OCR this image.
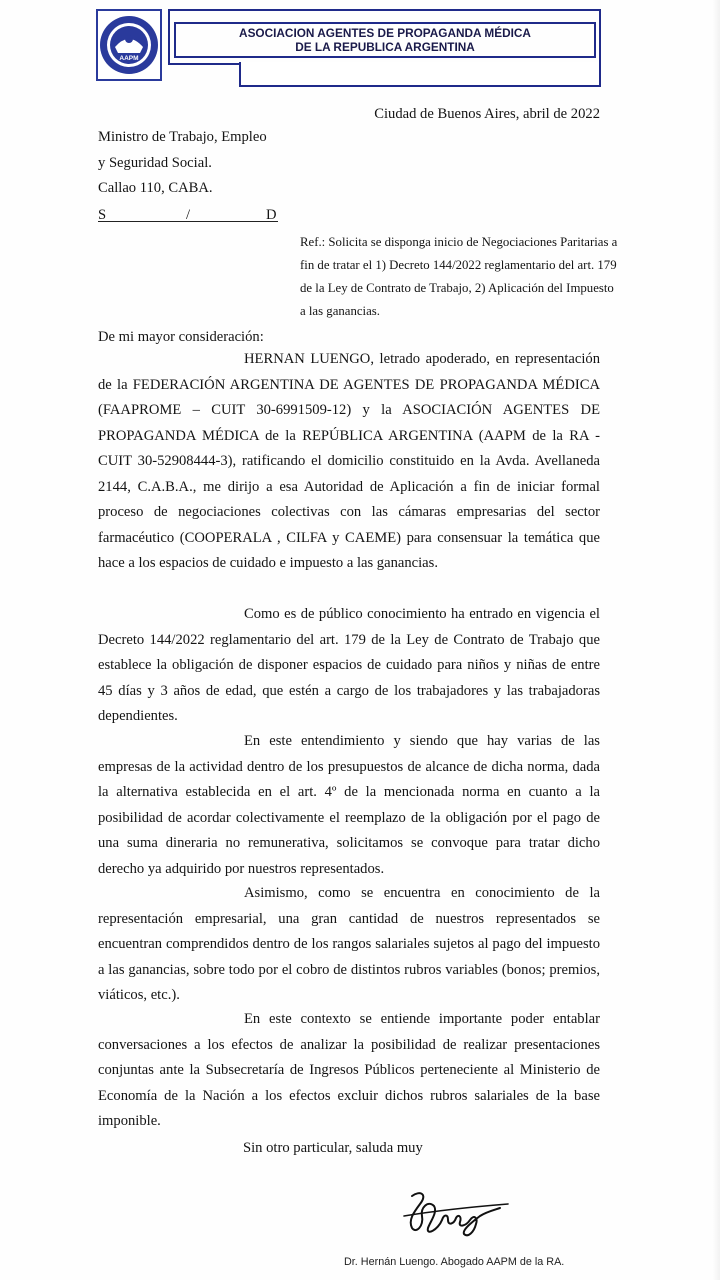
AAPM
ASOCIACION AGENTES DE PROPAGANDA MÉDICA
DE LA REPUBLICA ARGENTINA
Ciudad de Buenos Aires, abril de 2022
Ministro de Trabajo, Empleo
y Seguridad Social.
Callao 110, CABA.
S	/	D
Ref.: Solicita se disponga inicio de Negociaciones Paritarias a fin de tratar el 1) Decreto 144/2022 reglamentario del art. 179 de la Ley de Contrato de Trabajo, 2) Aplicación del Impuesto a las ganancias.
De mi mayor consideración:
HERNAN LUENGO, letrado apoderado, en representación de la FEDERACIÓN ARGENTINA DE AGENTES DE PROPAGANDA MÉDICA (FAAPROME – CUIT 30-6991509-12) y la ASOCIACIÓN AGENTES DE PROPAGANDA MÉDICA de la REPÚBLICA ARGENTINA (AAPM de la RA - CUIT 30-52908444-3), ratificando el domicilio constituido en la Avda. Avellaneda 2144, C.A.B.A., me dirijo a esa Autoridad de Aplicación a fin de iniciar formal proceso de negociaciones colectivas con las cámaras empresarias del sector farmacéutico (COOPERALA , CILFA y CAEME) para consensuar la temática que hace a los espacios de cuidado e impuesto a las ganancias.
Como es de público conocimiento ha entrado en vigencia el Decreto 144/2022 reglamentario del art. 179 de la Ley de Contrato de Trabajo que establece la obligación de disponer espacios de cuidado para niños y niñas de entre 45 días y 3 años de edad, que estén a cargo de los trabajadores y las trabajadoras dependientes.
En este entendimiento y siendo que hay varias de las empresas de la actividad dentro de los presupuestos de alcance de dicha norma, dada la alternativa establecida en el art. 4º de la mencionada norma en cuanto a la posibilidad de acordar colectivamente el reemplazo de la obligación por el pago de una suma dineraria no remunerativa, solicitamos se convoque para tratar dicho derecho ya adquirido por nuestros representados.
Asimismo, como se encuentra en conocimiento de la representación empresarial, una gran cantidad de nuestros representados se encuentran comprendidos dentro de los rangos salariales sujetos al pago del impuesto a las ganancias, sobre todo por el cobro de distintos rubros variables (bonos; premios, viáticos, etc.).
En este contexto se entiende importante poder entablar conversaciones a los efectos de analizar la posibilidad de realizar presentaciones conjuntas ante la Subsecretaría de Ingresos Públicos perteneciente al Ministerio de Economía de la Nación a los efectos excluir dichos rubros salariales de la base imponible.
Sin otro particular, saluda muy
Dr. Hernán Luengo. Abogado AAPM de la RA.
